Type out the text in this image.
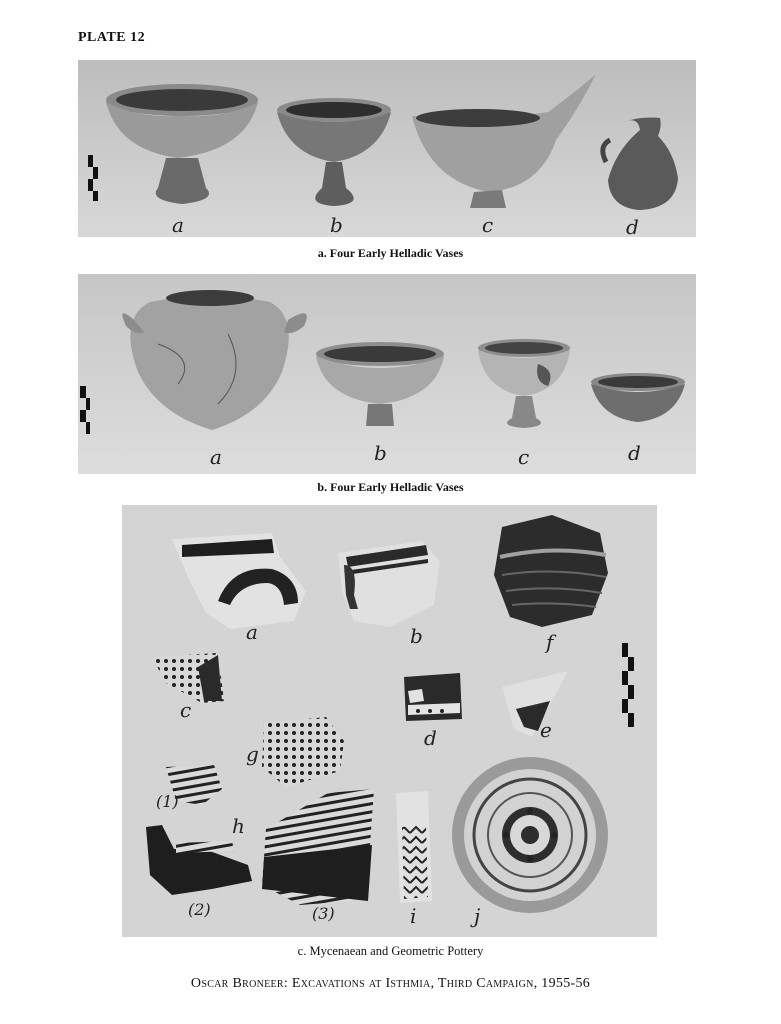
PLATE 12
a	b	c	d
a. Four Early Helladic Vases
a	b	c	d
b. Four Early Helladic Vases
a	b	f
c
d	e
g
(1)
h
(2)	(3)	i	j
c. Mycenaean and Geometric Pottery
Oscar Broneer: Excavations at Isthmia, Third Campaign, 1955-56
